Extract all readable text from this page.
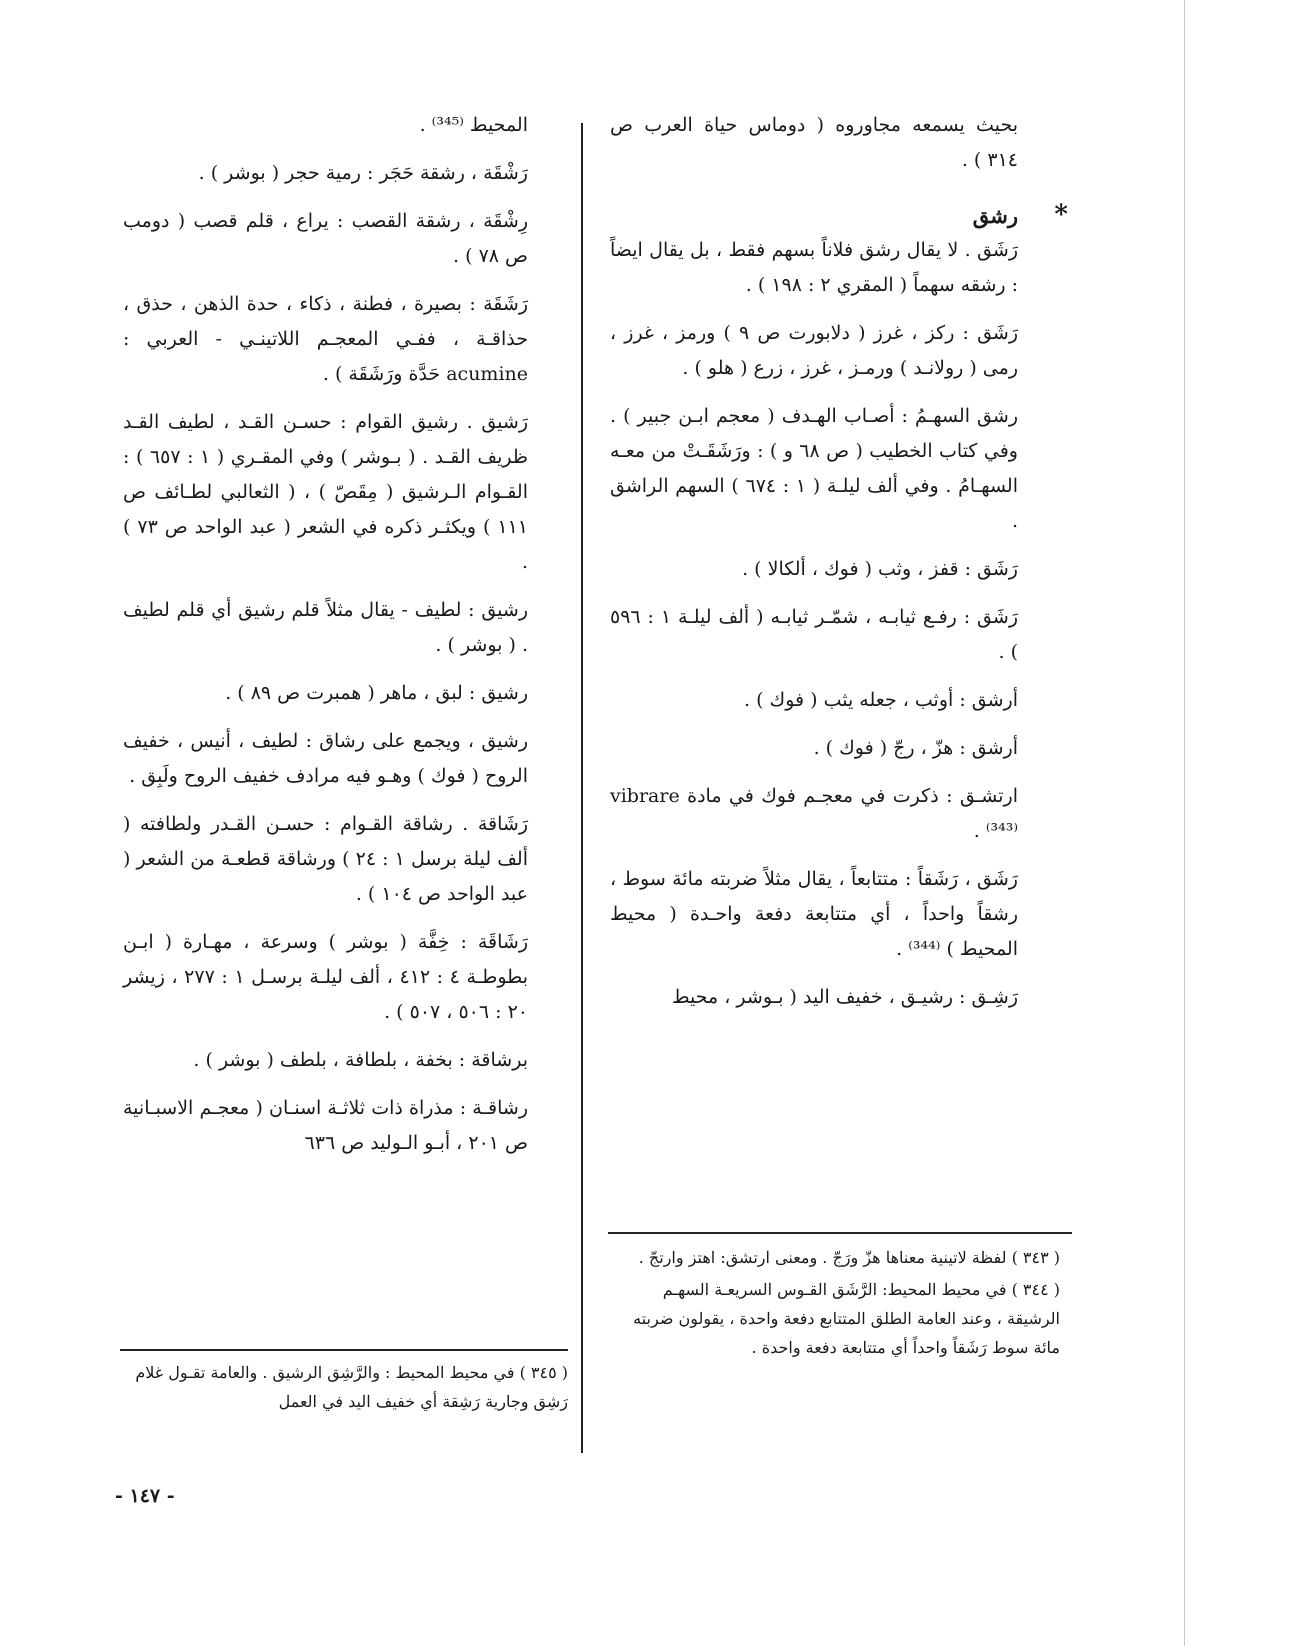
بحيث يسمعه مجاوروه ( دوماس حياة العرب ص ٣١٤ ) .

*
رشق

رَشَق . لا يقال رشق فلاناً بسهم فقط ، بل يقال ايضاً : رشقه سهماً ( المقري ٢ : ١٩٨ ) .

رَشَق : ركز ، غرز ( دلابورت ص ٩ ) ورمز ، غرز ، رمى ( رولانـد ) ورمـز ، غرز ، زرع ( هلو ) .

رشق السهـمُ : أصـاب الهـدف ( معجم ابـن جبير ) . وفي كتاب الخطيب ( ص ٦٨ و ) : ورَشَقَـتْ من معـه السهـامُ . وفي ألف ليلـة ( ١ : ٦٧٤ ) السهم الراشق .

رَشَق : قفز ، وثب ( فوك ، ألكالا ) .

رَشَق : رفـع ثيابـه ، شمّـر ثيابـه ( ألف ليلـة ١ : ٥٩٦ ) .

أرشق : أوثب ، جعله يثب ( فوك ) .

أرشق : هزّ ، رجّ ( فوك ) .

ارتشـق : ذكرت في معجـم فوك في مادة vibrare ⁽³⁴³⁾ .

رَشَق ، رَشَقاً : متتابعاً ، يقال مثلاً ضربته مائة سوط ، رشقاً واحداً ، أي متتابعة دفعة واحـدة ( محيط المحيط ) ⁽³⁴⁴⁾ .

رَشِـق : رشيـق ، خفيف اليد ( بـوشر ، محيط

المحيط ⁽³⁴⁵⁾ .

رَشْقَة ، رشقة حَجَر : رمية حجر ( بوشر ) .

رِشْقَة ، رشقة القصب : يراع ، قلم قصب ( دومب ص ٧٨ ) .

رَشَقَة : بصيرة ، فطنة ، ذكاء ، حدة الذهن ، حذق ، حذاقـة ، ففـي المعجـم اللاتينـي - العربي : acumine حَدَّة ورَشَقَة ) .

رَشيق . رشيق القوام : حسـن القـد ، لطيف القـد ظريف القـد . ( بـوشر ) وفي المقـري ( ١ : ٦٥٧ ) : القـوام الـرشيق ( مِقَصّ ) ، ( الثعالبي لطـائف ص ١١١ ) ويكثـر ذكره في الشعر ( عبد الواحد ص ٧٣ ) .

رشيق : لطيف - يقال مثلاً قلم رشيق أي قلم لطيف . ( بوشر ) .

رشيق : لبق ، ماهر ( همبرت ص ٨٩ ) .

رشيق ، ويجمع على رشاق : لطيف ، أنيس ، خفيف الروح ( فوك ) وهـو فيه مرادف خفيف الروح ولَبِق .

رَشَاقة . رشاقة القـوام : حسـن القـدر ولطافته ( ألف ليلة برسل ١ : ٢٤ ) ورشاقة قطعـة من الشعر ( عبد الواحد ص ١٠٤ ) .

رَشَاقَة : خِفَّة ( بوشر ) وسرعة ، مهـارة ( ابـن بطوطـة ٤ : ٤١٢ ، ألف ليلـة برسـل ١ : ٢٧٧ ، زيشر ٢٠ : ٥٠٦ ، ٥٠٧ ) .

برشاقة : بخفة ، بلطافة ، بلطف ( بوشر ) .

رشاقـة : مذراة ذات ثلاثـة اسنـان ( معجـم الاسبـانية ص ٢٠١ ، أبـو الـوليد ص ٦٣٦

( ٣٤٣ ) لفظة لاتينية معناها هزّ ورَجّ . ومعنى ارتشق: اهتز وارتجّ .

( ٣٤٤ ) في محيط المحيط: الرَّشَق القـوس السريعـة السهـم الرشيقة ، وعند العامة الطلق المتتابع دفعة واحدة ، يقولون ضربته مائة سوط رَشَقاً واحداً أي متتابعة دفعة واحدة .

( ٣٤٥ ) في محيط المحيط : والرَّشِق الرشيق . والعامة تقـول غلام رَشِق وجارية رَشِقة أي خفيف اليد في العمل

- ١٤٧ -
